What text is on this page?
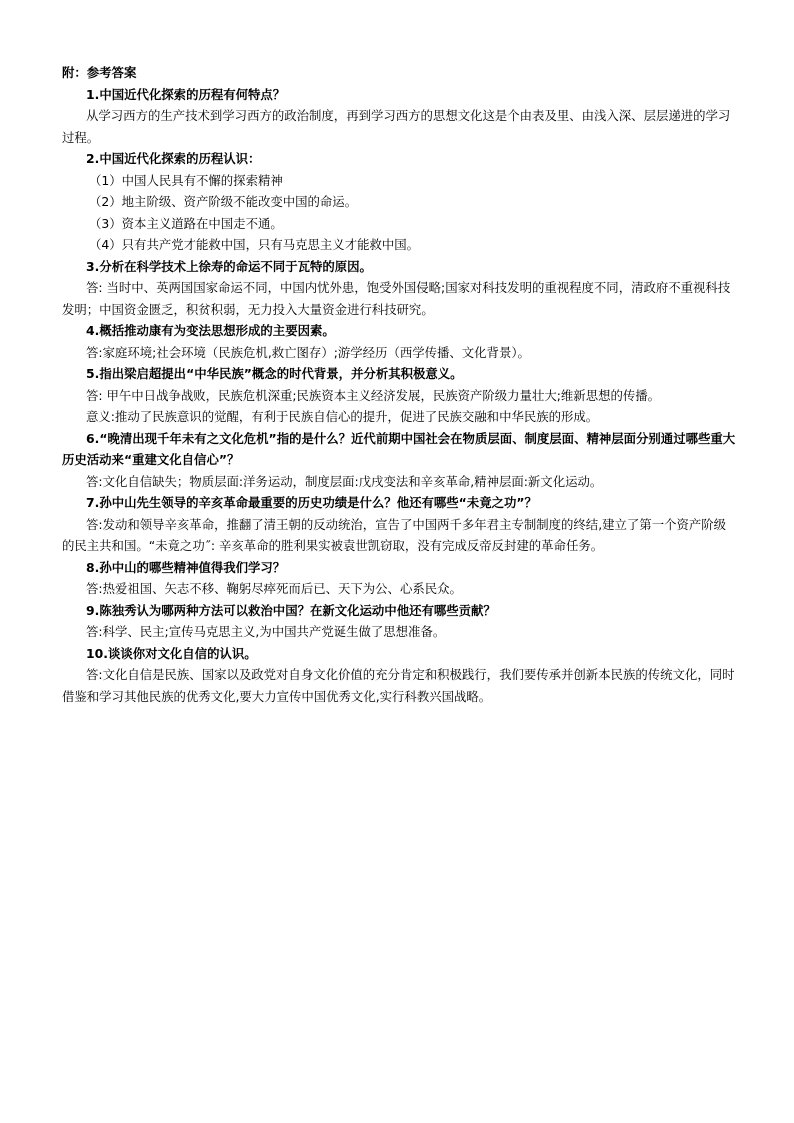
附：参考答案

1.中国近代化探索的历程有何特点？

从学习西方的生产技术到学习西方的政治制度，再到学习西方的思想文化这是个由表及里、由浅入深、层层递进的学习过程。

2.中国近代化探索的历程认识：

（1）中国人民具有不懈的探索精神

（2）地主阶级、资产阶级不能改变中国的命运。

（3）资本主义道路在中国走不通。

（4）只有共产党才能救中国，只有马克思主义才能救中国。

3.分析在科学技术上徐寿的命运不同于瓦特的原因。

答: 当时中、英两国国家命运不同，中国内忧外患，饱受外国侵略;国家对科技发明的重视程度不同，清政府不重视科技发明；中国资金匮乏，积贫积弱，无力投入大量资金进行科技研究。

4.概括推动康有为变法思想形成的主要因素。

答:家庭环境;社会环境（民族危机,救亡图存）;游学经历（西学传播、文化背景）。

5.指出梁启超提出“中华民族”概念的时代背景，并分析其积极意义。

答: 甲午中日战争战败，民族危机深重;民族资本主义经济发展，民族资产阶级力量壮大;维新思想的传播。

意义:推动了民族意识的觉醒，有利于民族自信心的提升，促进了民族交融和中华民族的形成。

6.“晚清出现千年未有之文化危机”指的是什么？近代前期中国社会在物质层面、制度层面、精神层面分别通过哪些重大历史活动来“重建文化自信心”？

答:文化自信缺失；物质层面:洋务运动，制度层面:戊戌变法和辛亥革命,精神层面:新文化运动。

7.孙中山先生领导的辛亥革命最重要的历史功绩是什么？他还有哪些“未竟之功”？

答:发动和领导辛亥革命，推翻了清王朝的反动统治，宣告了中国两千多年君主专制制度的终结,建立了第一个资产阶级的民主共和国。“未竟之功˝: 辛亥革命的胜利果实被袁世凯窃取，没有完成反帝反封建的革命任务。

8.孙中山的哪些精神值得我们学习？

答:热爱祖国、矢志不移、鞠躬尽瘁死而后已、天下为公、心系民众。

9.陈独秀认为哪两种方法可以救治中国？在新文化运动中他还有哪些贡献？

答:科学、民主;宣传马克思主义,为中国共产党诞生做了思想准备。

10.谈谈你对文化自信的认识。

答:文化自信是民族、国家以及政党对自身文化价值的充分肯定和积极践行，我们要传承并创新本民族的传统文化，同时借鉴和学习其他民族的优秀文化,要大力宣传中国优秀文化,实行科教兴国战略。
